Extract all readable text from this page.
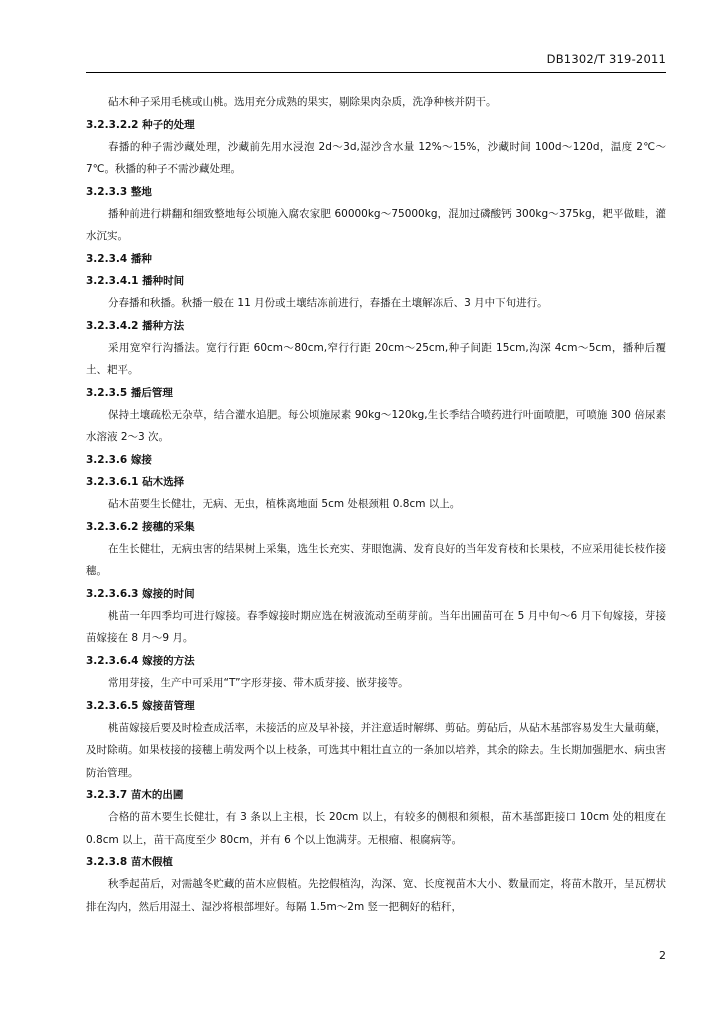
DB1302/T 319-2011

砧木种子采用毛桃或山桃。选用充分成熟的果实，剔除果肉杂质，洗净种核并阴干。

3.2.3.2.2 种子的处理

春播的种子需沙藏处理，沙藏前先用水浸泡 2d～3d,湿沙含水量 12%～15%，沙藏时间 100d～120d，温度 2℃～7℃。秋播的种子不需沙藏处理。

3.2.3.3 整地

播种前进行耕翻和细致整地每公顷施入腐农家肥 60000kg～75000kg，混加过磷酸钙 300kg～375kg，耙平做畦，灌水沉实。

3.2.3.4 播种
3.2.3.4.1 播种时间

分春播和秋播。秋播一般在 11 月份或土壤结冻前进行，春播在土壤解冻后、3 月中下旬进行。

3.2.3.4.2 播种方法

采用宽窄行沟播法。宽行行距 60cm～80cm,窄行行距 20cm～25cm,种子间距 15cm,沟深 4cm～5cm，播种后覆土、耙平。

3.2.3.5 播后管理

保持土壤疏松无杂草，结合灌水追肥。每公顷施尿素 90kg～120kg,生长季结合喷药进行叶面喷肥，可喷施 300 倍尿素水溶液 2～3 次。

3.2.3.6 嫁接
3.2.3.6.1 砧木选择

砧木苗要生长健壮，无病、无虫，植株离地面 5cm 处根颈粗 0.8cm 以上。

3.2.3.6.2 接穗的采集

在生长健壮，无病虫害的结果树上采集，选生长充实、芽眼饱满、发育良好的当年发育枝和长果枝，不应采用徒长枝作接穗。

3.2.3.6.3 嫁接的时间

桃苗一年四季均可进行嫁接。春季嫁接时期应选在树液流动至萌芽前。当年出圃苗可在 5 月中旬～6 月下旬嫁接，芽接苗嫁接在 8 月～9 月。

3.2.3.6.4 嫁接的方法

常用芽接，生产中可采用“T”字形芽接、带木质芽接、嵌芽接等。

3.2.3.6.5 嫁接苗管理

桃苗嫁接后要及时检查成活率，未接活的应及早补接，并注意适时解绑、剪砧。剪砧后，从砧木基部容易发生大量萌蘖，及时除萌。如果枝接的接穗上萌发两个以上枝条，可选其中粗壮直立的一条加以培养，其余的除去。生长期加强肥水、病虫害防治管理。

3.2.3.7 苗木的出圃

合格的苗木要生长健壮，有 3 条以上主根，长 20cm 以上，有较多的侧根和须根，苗木基部距接口 10cm 处的粗度在 0.8cm 以上，苗干高度至少 80cm，并有 6 个以上饱满芽。无根瘤、根腐病等。

3.2.3.8 苗木假植

秋季起苗后，对需越冬贮藏的苗木应假植。先挖假植沟，沟深、宽、长度视苗木大小、数量而定，将苗木散开，呈瓦楞状排在沟内，然后用湿土、湿沙将根部埋好。每隔 1.5m～2m 竖一把稠好的秸秆，

2
